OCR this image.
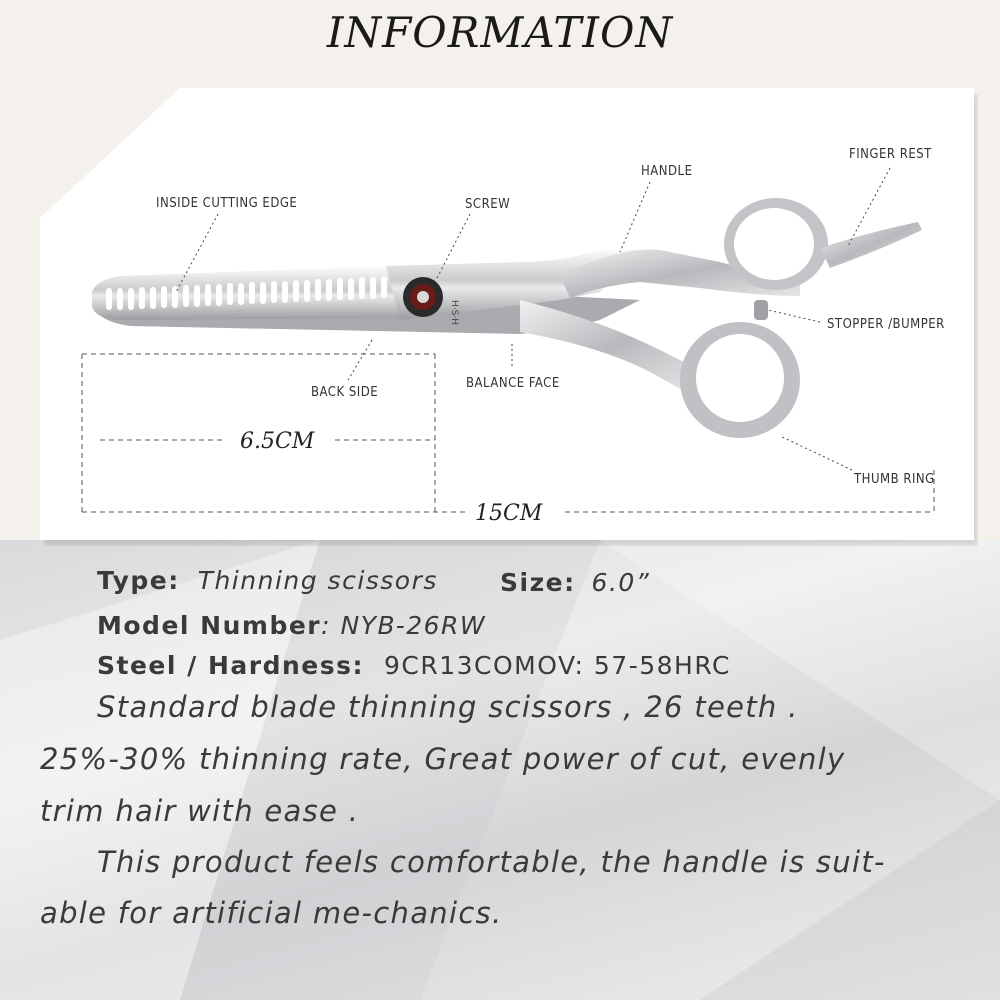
INFORMATION
H·S·H
INSIDE CUTTING EDGE	SCREW
HANDLE
FINGER REST
STOPPER /BUMPER
BACK SIDE
BALANCE FACE
THUMB RING
6.5CM
15CM
Type: Thinning scissors Size: 6.0”
Model Number: NYB-26RW
Steel / Hardness: 9CR13COMOV: 57-58HRC
Standard blade thinning scissors , 26 teeth .
25%-30% thinning rate, Great power of cut, evenly
trim hair with ease .
This product feels comfortable, the handle is suit-
able for artificial me-chanics.
